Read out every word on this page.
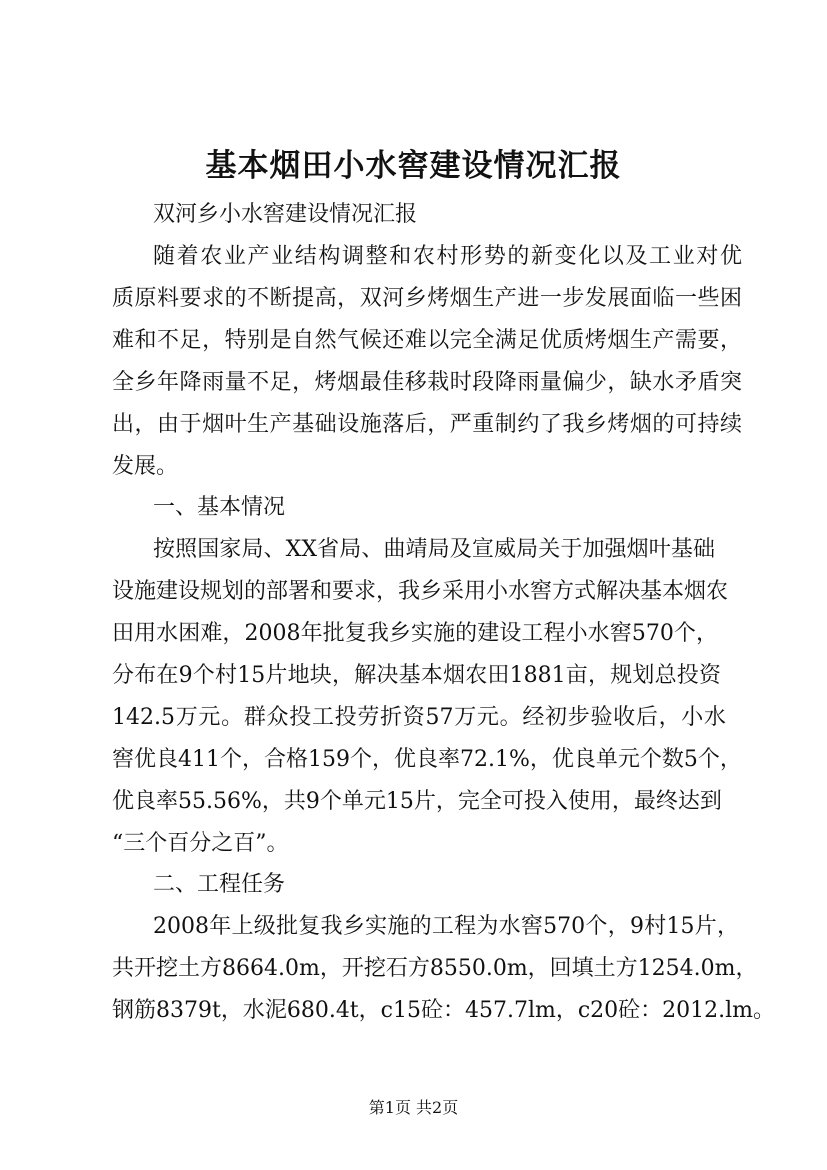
基本烟田小水窖建设情况汇报
双河乡小水窖建设情况汇报
随着农业产业结构调整和农村形势的新变化以及工业对优
质原料要求的不断提高，双河乡烤烟生产进一步发展面临一些困
难和不足，特别是自然气候还难以完全满足优质烤烟生产需要，
全乡年降雨量不足，烤烟最佳移栽时段降雨量偏少，缺水矛盾突
出，由于烟叶生产基础设施落后，严重制约了我乡烤烟的可持续
发展。
一、基本情况
按照国家局、XX省局、曲靖局及宣威局关于加强烟叶基础
设施建设规划的部署和要求，我乡采用小水窖方式解决基本烟农
田用水困难，2008年批复我乡实施的建设工程小水窖570个，
分布在9个村15片地块，解决基本烟农田1881亩，规划总投资
142.5万元。群众投工投劳折资57万元。经初步验收后，小水
窖优良411个，合格159个，优良率72.1%，优良单元个数5个，
优良率55.56%，共9个单元15片，完全可投入使用，最终达到
“三个百分之百”。
二、工程任务
2008年上级批复我乡实施的工程为水窖570个，9村15片，
共开挖土方8664.0m，开挖石方8550.0m，回填土方1254.0m，
钢筋8379t，水泥680.4t，c15砼：457.7lm，c20砼：2012.lm。
第1页 共2页
